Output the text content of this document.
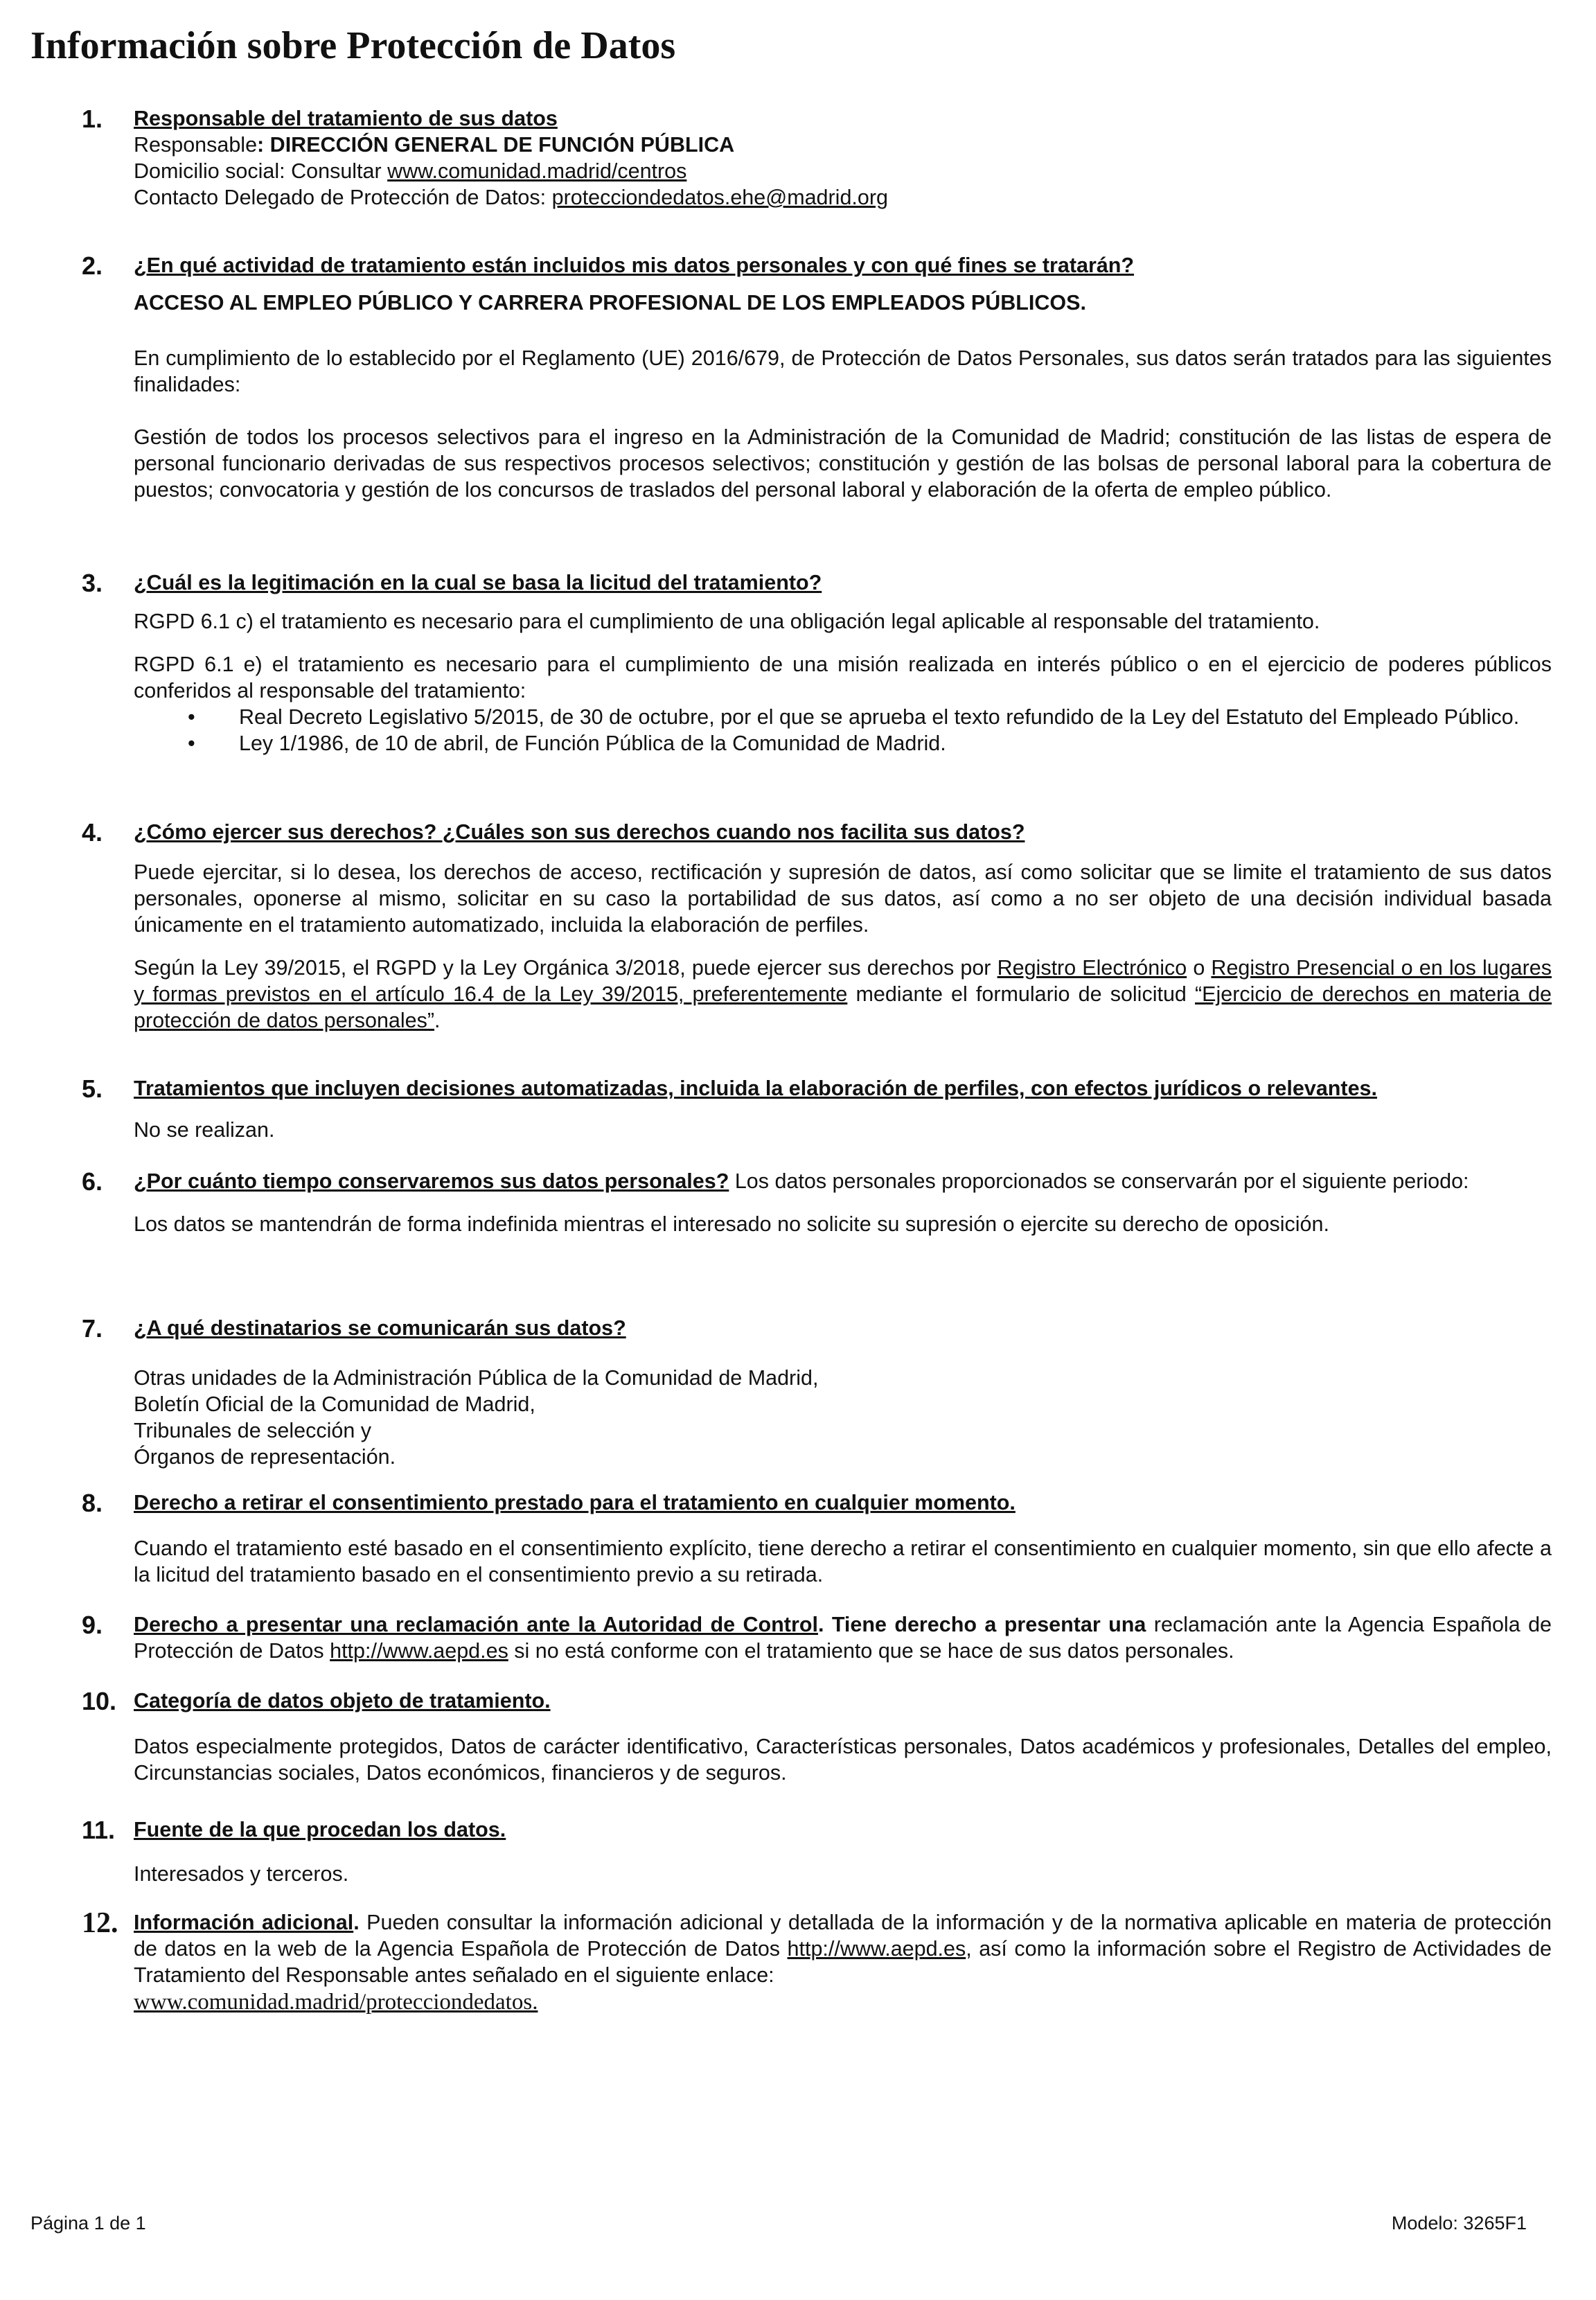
Información sobre Protección de Datos
1. Responsable del tratamiento de sus datos
Responsable: DIRECCIÓN GENERAL DE FUNCIÓN PÚBLICA
Domicilio social: Consultar www.comunidad.madrid/centros
Contacto Delegado de Protección de Datos: protecciondedatos.ehe@madrid.org
2. ¿En qué actividad de tratamiento están incluidos mis datos personales y con qué fines se tratarán?
ACCESO AL EMPLEO PÚBLICO Y CARRERA PROFESIONAL DE LOS EMPLEADOS PÚBLICOS.
En cumplimiento de lo establecido por el Reglamento (UE) 2016/679, de Protección de Datos Personales, sus datos serán tratados para las siguientes finalidades:
Gestión de todos los procesos selectivos para el ingreso en la Administración de la Comunidad de Madrid; constitución de las listas de espera de personal funcionario derivadas de sus respectivos procesos selectivos; constitución y gestión de las bolsas de personal laboral para la cobertura de puestos; convocatoria y gestión de los concursos de traslados del personal laboral y elaboración de la oferta de empleo público.
3. ¿Cuál es la legitimación en la cual se basa la licitud del tratamiento?
RGPD 6.1 c) el tratamiento es necesario para el cumplimiento de una obligación legal aplicable al responsable del tratamiento.
RGPD 6.1 e) el tratamiento es necesario para el cumplimiento de una misión realizada en interés público o en el ejercicio de poderes públicos conferidos al responsable del tratamiento:
• Real Decreto Legislativo 5/2015, de 30 de octubre, por el que se aprueba el texto refundido de la Ley del Estatuto del Empleado Público.
• Ley 1/1986, de 10 de abril, de Función Pública de la Comunidad de Madrid.
4. ¿Cómo ejercer sus derechos? ¿Cuáles son sus derechos cuando nos facilita sus datos?
Puede ejercitar, si lo desea, los derechos de acceso, rectificación y supresión de datos, así como solicitar que se limite el tratamiento de sus datos personales, oponerse al mismo, solicitar en su caso la portabilidad de sus datos, así como a no ser objeto de una decisión individual basada únicamente en el tratamiento automatizado, incluida la elaboración de perfiles.
Según la Ley 39/2015, el RGPD y la Ley Orgánica 3/2018, puede ejercer sus derechos por Registro Electrónico o Registro Presencial o en los lugares y formas previstos en el artículo 16.4 de la Ley 39/2015, preferentemente mediante el formulario de solicitud “Ejercicio de derechos en materia de protección de datos personales”.
5. Tratamientos que incluyen decisiones automatizadas, incluida la elaboración de perfiles, con efectos jurídicos o relevantes.
No se realizan.
6. ¿Por cuánto tiempo conservaremos sus datos personales? Los datos personales proporcionados se conservarán por el siguiente periodo:
Los datos se mantendrán de forma indefinida mientras el interesado no solicite su supresión o ejercite su derecho de oposición.
7. ¿A qué destinatarios se comunicarán sus datos?
Otras unidades de la Administración Pública de la Comunidad de Madrid,
Boletín Oficial de la Comunidad de Madrid,
Tribunales de selección y
Órganos de representación.
8. Derecho a retirar el consentimiento prestado para el tratamiento en cualquier momento.
Cuando el tratamiento esté basado en el consentimiento explícito, tiene derecho a retirar el consentimiento en cualquier momento, sin que ello afecte a la licitud del tratamiento basado en el consentimiento previo a su retirada.
9. Derecho a presentar una reclamación ante la Autoridad de Control. Tiene derecho a presentar una reclamación ante la Agencia Española de Protección de Datos http://www.aepd.es si no está conforme con el tratamiento que se hace de sus datos personales.
10. Categoría de datos objeto de tratamiento.
Datos especialmente protegidos, Datos de carácter identificativo, Características personales, Datos académicos y profesionales, Detalles del empleo, Circunstancias sociales, Datos económicos, financieros y de seguros.
11. Fuente de la que procedan los datos.
Interesados y terceros.
12. Información adicional. Pueden consultar la información adicional y detallada de la información y de la normativa aplicable en materia de protección de datos en la web de la Agencia Española de Protección de Datos http://www.aepd.es, así como la información sobre el Registro de Actividades de Tratamiento del Responsable antes señalado en el siguiente enlace:
www.comunidad.madrid/protecciondedatos.
Página 1 de 1	Modelo: 3265F1
